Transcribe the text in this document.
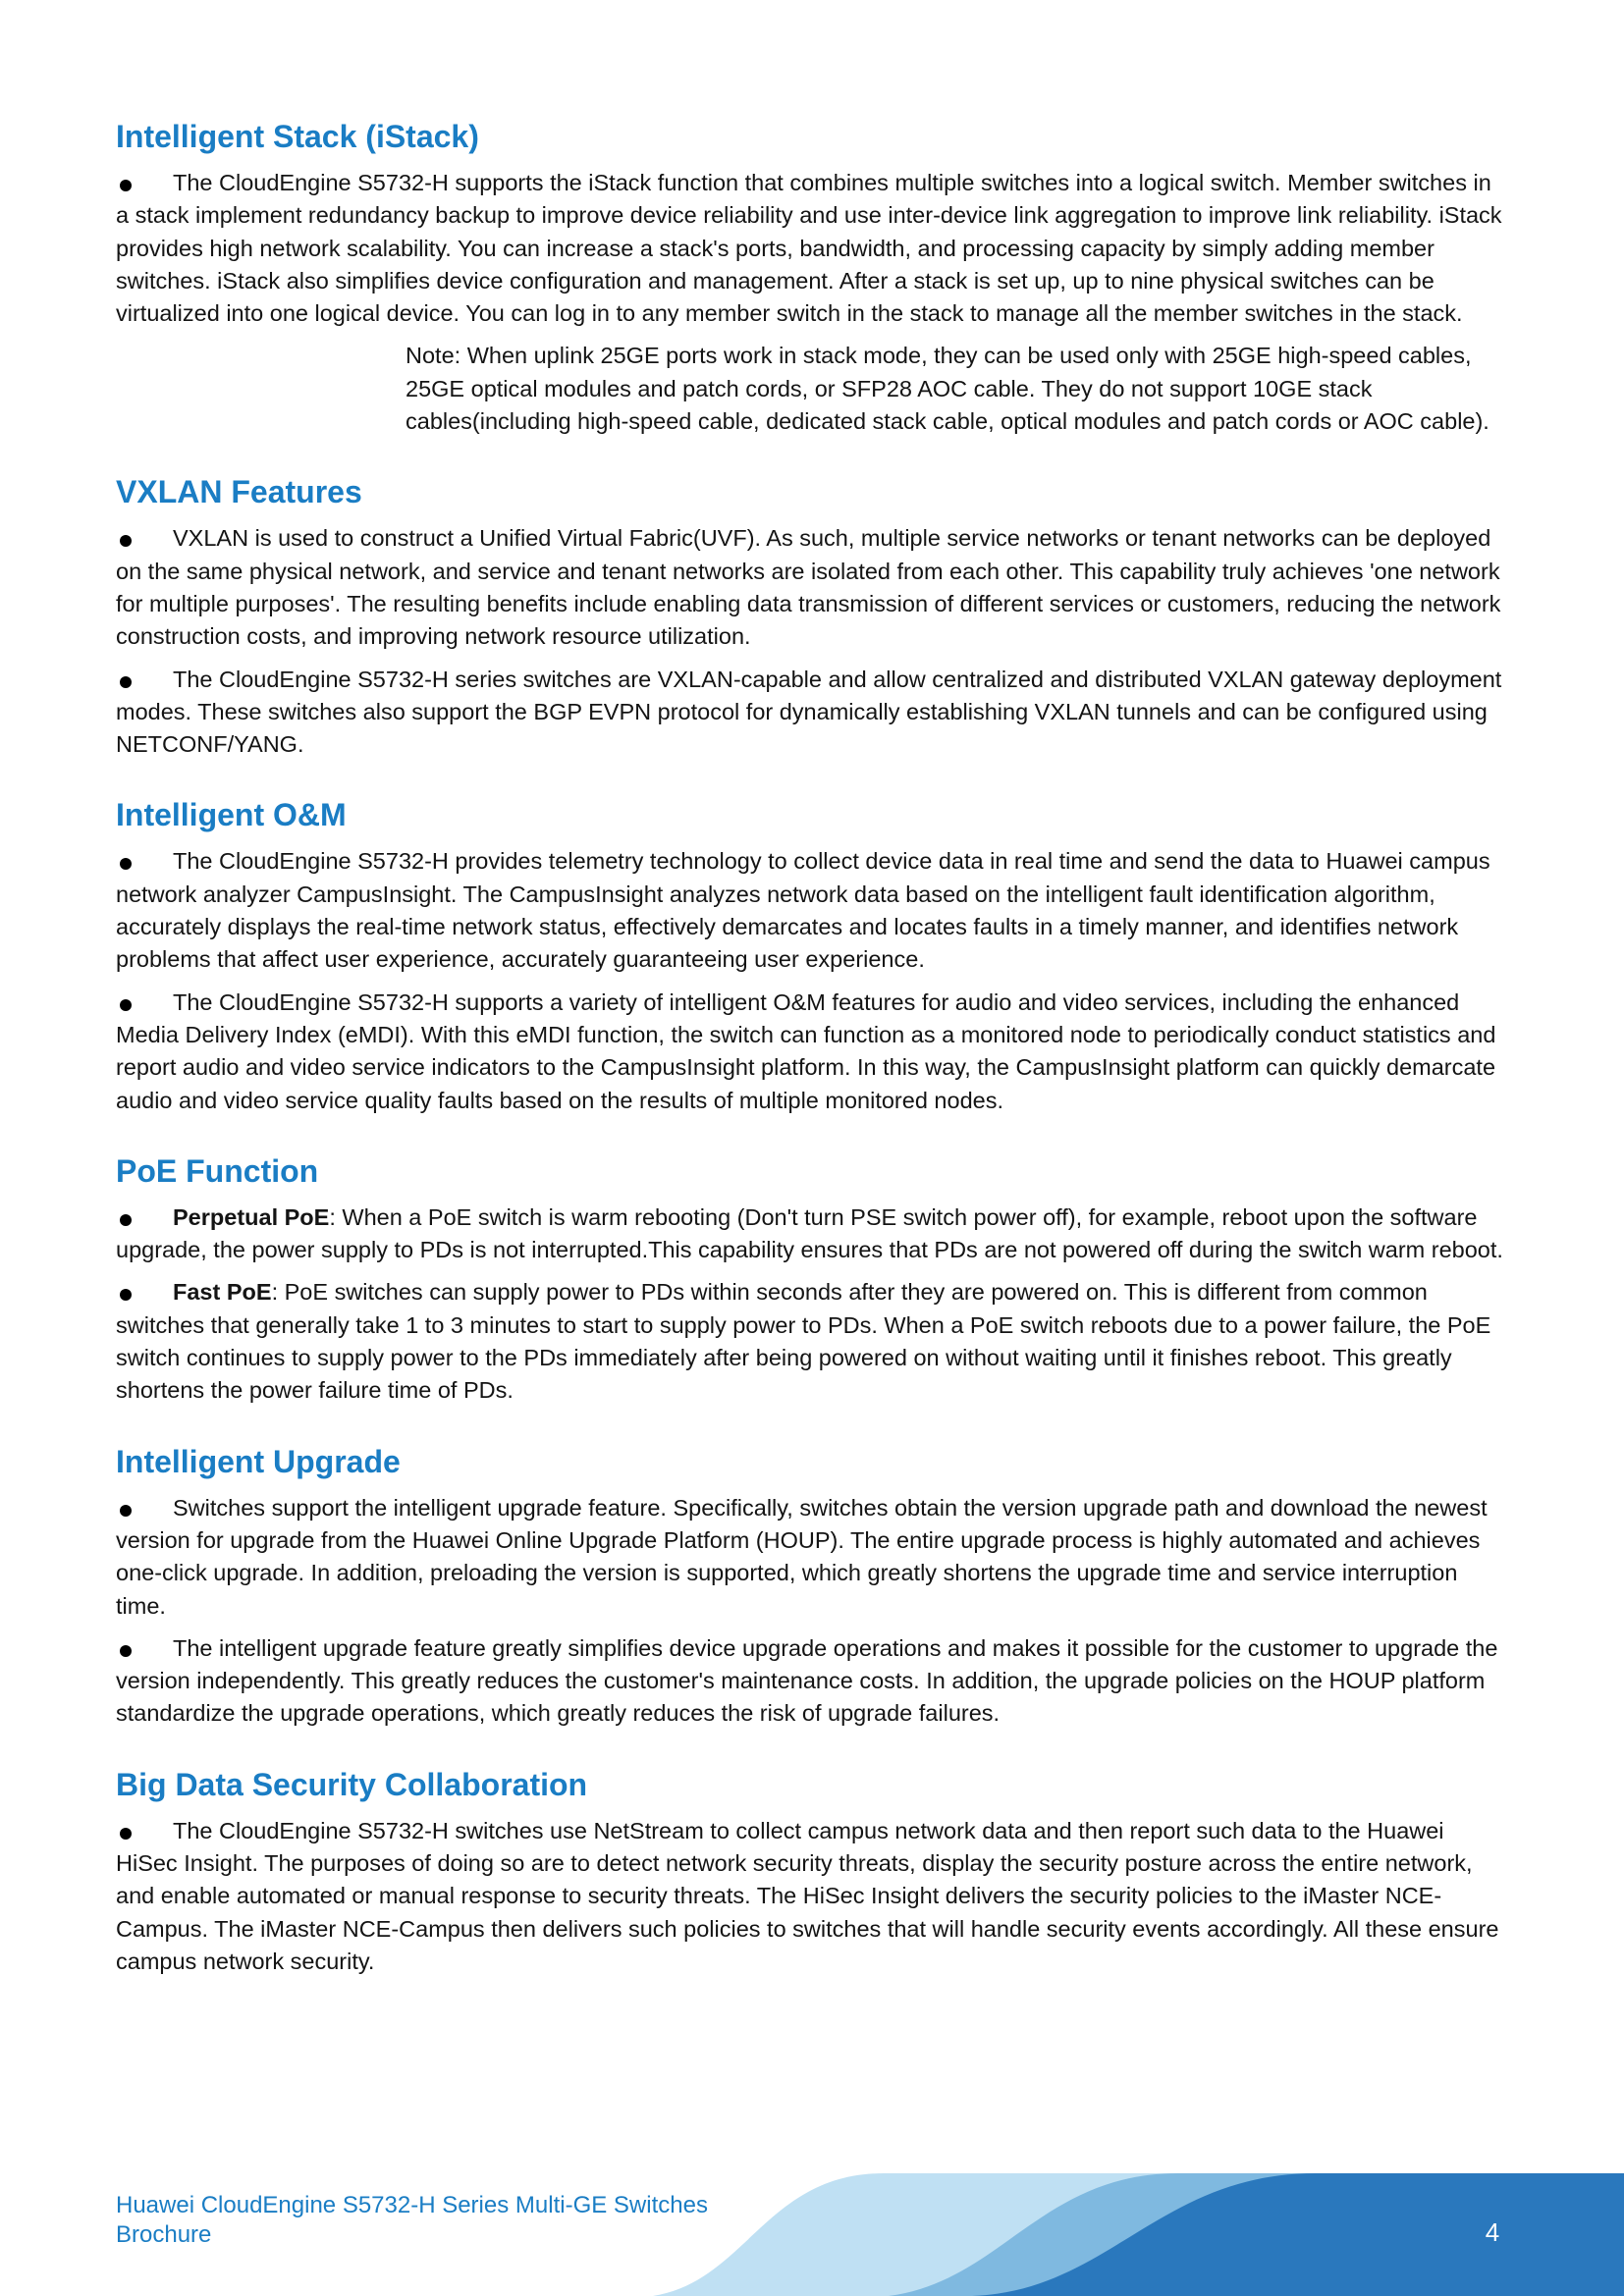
Intelligent Stack (iStack)

The CloudEngine S5732-H supports the iStack function that combines multiple switches into a logical switch. Member switches in a stack implement redundancy backup to improve device reliability and use inter-device link aggregation to improve link reliability. iStack provides high network scalability. You can increase a stack's ports, bandwidth, and processing capacity by simply adding member switches. iStack also simplifies device configuration and management. After a stack is set up, up to nine physical switches can be virtualized into one logical device. You can log in to any member switch in the stack to manage all the member switches in the stack.

Note: When uplink 25GE ports work in stack mode, they can be used only with 25GE high-speed cables, 25GE optical modules and patch cords, or SFP28 AOC cable. They do not support 10GE stack cables(including high-speed cable, dedicated stack cable, optical modules and patch cords or AOC cable).

VXLAN Features

VXLAN is used to construct a Unified Virtual Fabric(UVF). As such, multiple service networks or tenant networks can be deployed on the same physical network, and service and tenant networks are isolated from each other. This capability truly achieves 'one network for multiple purposes'. The resulting benefits include enabling data transmission of different services or customers, reducing the network construction costs, and improving network resource utilization.

The CloudEngine S5732-H series switches are VXLAN-capable and allow centralized and distributed VXLAN gateway deployment modes. These switches also support the BGP EVPN protocol for dynamically establishing VXLAN tunnels and can be configured using NETCONF/YANG.

Intelligent O&M

The CloudEngine S5732-H provides telemetry technology to collect device data in real time and send the data to Huawei campus network analyzer CampusInsight. The CampusInsight analyzes network data based on the intelligent fault identification algorithm, accurately displays the real-time network status, effectively demarcates and locates faults in a timely manner, and identifies network problems that affect user experience, accurately guaranteeing user experience.

The CloudEngine S5732-H supports a variety of intelligent O&M features for audio and video services, including the enhanced Media Delivery Index (eMDI). With this eMDI function, the switch can function as a monitored node to periodically conduct statistics and report audio and video service indicators to the CampusInsight platform. In this way, the CampusInsight platform can quickly demarcate audio and video service quality faults based on the results of multiple monitored nodes.

PoE Function

Perpetual PoE: When a PoE switch is warm rebooting (Don't turn PSE switch power off), for example, reboot upon the software upgrade, the power supply to PDs is not interrupted.This capability ensures that PDs are not powered off during the switch warm reboot.

Fast PoE: PoE switches can supply power to PDs within seconds after they are powered on. This is different from common switches that generally take 1 to 3 minutes to start to supply power to PDs. When a PoE switch reboots due to a power failure, the PoE switch continues to supply power to the PDs immediately after being powered on without waiting until it finishes reboot. This greatly shortens the power failure time of PDs.

Intelligent Upgrade

Switches support the intelligent upgrade feature. Specifically, switches obtain the version upgrade path and download the newest version for upgrade from the Huawei Online Upgrade Platform (HOUP). The entire upgrade process is highly automated and achieves one-click upgrade. In addition, preloading the version is supported, which greatly shortens the upgrade time and service interruption time.

The intelligent upgrade feature greatly simplifies device upgrade operations and makes it possible for the customer to upgrade the version independently. This greatly reduces the customer's maintenance costs. In addition, the upgrade policies on the HOUP platform standardize the upgrade operations, which greatly reduces the risk of upgrade failures.

Big Data Security Collaboration

The CloudEngine S5732-H switches use NetStream to collect campus network data and then report such data to the Huawei HiSec Insight. The purposes of doing so are to detect network security threats, display the security posture across the entire network, and enable automated or manual response to security threats. The HiSec Insight delivers the security policies to the iMaster NCE-Campus. The iMaster NCE-Campus then delivers such policies to switches that will handle security events accordingly. All these ensure campus network security.

Huawei CloudEngine S5732-H Series Multi-GE Switches
Brochure	4
